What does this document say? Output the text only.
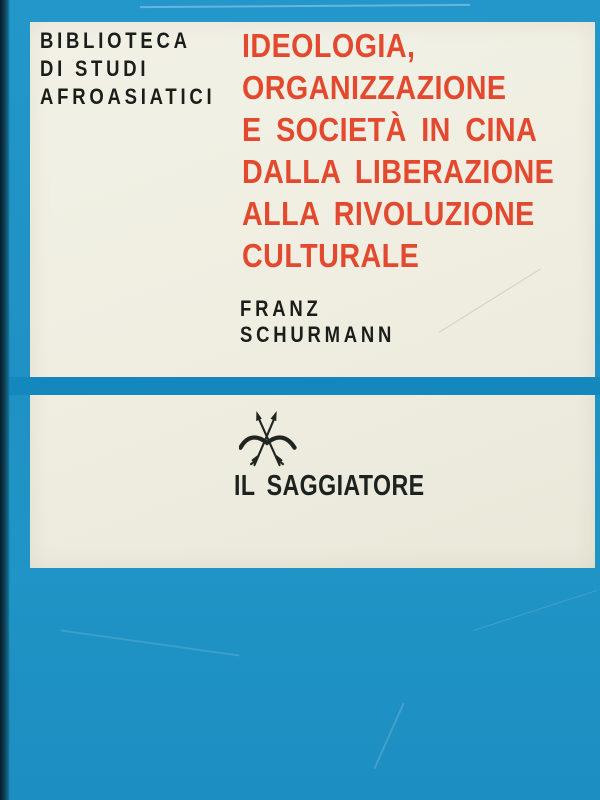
BIBLIOTECA
DI STUDI
AFROASIATICI
IDEOLOGIA,
ORGANIZZAZIONE
E SOCIETÀ IN CINA
DALLA LIBERAZIONE
ALLA RIVOLUZIONE
CULTURALE
FRANZ
SCHURMANN
IL SAGGIATORE
